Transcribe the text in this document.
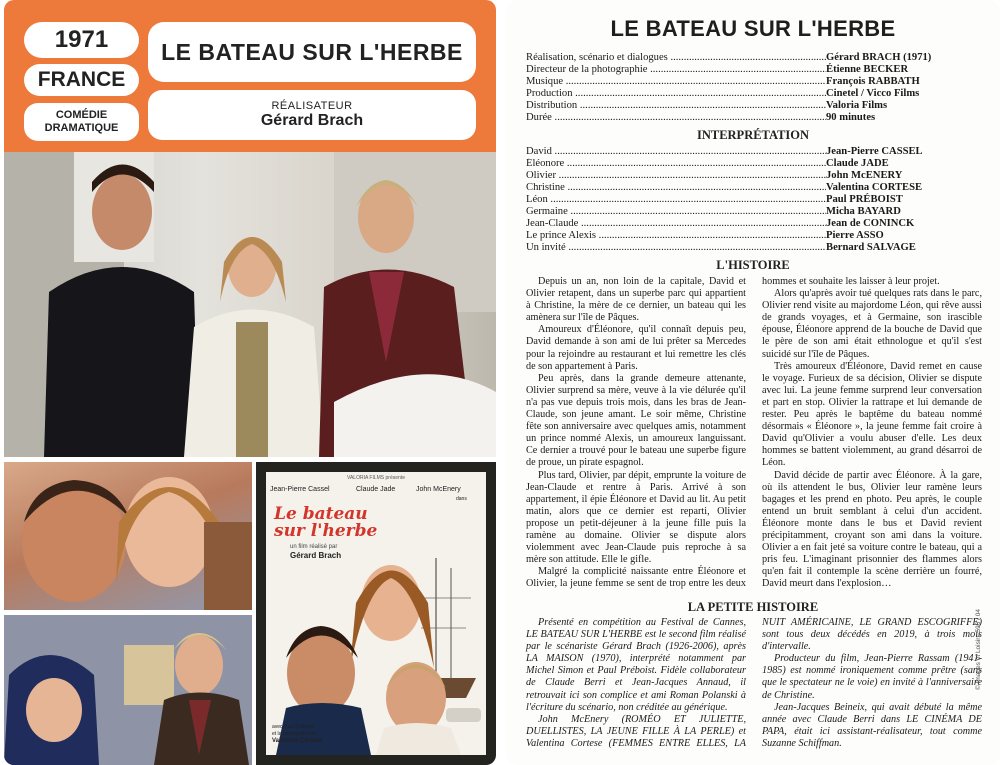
1971
FRANCE
COMÉDIE
DRAMATIQUE
LE BATEAU SUR L'HERBE
RÉALISATEUR
Gérard Brach
VALORIA FILMS présente
Jean-Pierre Cassel	Claude Jade	John McEnery
dans
Le bateau
sur l'herbe
un film réalisé par
Gérard Brach
avec Paul Préboist
et la participation de
Valentina Cortese
LE BATEAU SUR L'HERBE
Réalisation, scénario et dialogues .....	Gérard BRACH (1971)
Directeur de la photographie .....	Étienne BECKER
Musique .....	François RABBATH
Production .....	Cinetel / Vicco Films
Distribution .....	Valoria Films
Durée .....	90 minutes
INTERPRÉTATION
David .....	Jean-Pierre CASSEL
Éléonore .....	Claude JADE
Olivier .....	John McENERY
Christine .....	Valentina CORTESE
Léon .....	Paul PRÉBOIST
Germaine .....	Micha BAYARD
Jean-Claude .....	Jean de CONINCK
Le prince Alexis .....	Pierre ASSO
Un invité .....	Bernard SALVAGE
L'HISTOIRE

Depuis un an, non loin de la capitale, David et Olivier retapent, dans un superbe parc qui appartient à Christine, la mère de ce dernier, un bateau qui les amènera sur l'île de Pâques.

Amoureux d'Éléonore, qu'il connaît depuis peu, David demande à son ami de lui prêter sa Mercedes pour la rejoindre au restaurant et lui remettre les clés de son appartement à Paris.

Peu après, dans la grande demeure attenante, Olivier surprend sa mère, veuve à la vie délurée qu'il n'a pas vue depuis trois mois, dans les bras de Jean-Claude, son jeune amant. Le soir même, Christine fête son anniversaire avec quelques amis, notamment un prince nommé Alexis, un amoureux languissant. Ce dernier a trouvé pour le bateau une superbe figure de proue, un pirate espagnol.

Plus tard, Olivier, par dépit, emprunte la voiture de Jean-Claude et rentre à Paris. Arrivé à son appartement, il épie Éléonore et David au lit. Au petit matin, alors que ce dernier est reparti, Olivier propose un petit-déjeuner à la jeune fille puis la ramène au domaine. Olivier se dispute alors violemment avec Jean-Claude puis reproche à sa mère son attitude. Elle le gifle.

Malgré la complicité naissante entre Éléonore et Olivier, la jeune femme se sent de trop entre les deux hommes et souhaite les laisser à leur projet.

Alors qu'après avoir tué quelques rats dans le parc, Olivier rend visite au majordome Léon, qui rêve aussi de grands voyages, et à Germaine, son irascible épouse, Éléonore apprend de la bouche de David que le père de son ami était ethnologue et qu'il s'est suicidé sur l'île de Pâques.

Très amoureux d'Éléonore, David remet en cause le voyage. Furieux de sa décision, Olivier se dispute avec lui. La jeune femme surprend leur conversation et part en stop. Olivier la rattrape et lui demande de rester. Peu après le baptême du bateau nommé désormais « Éléonore », la jeune femme fait croire à David qu'Olivier a voulu abuser d'elle. Les deux hommes se battent violemment, au grand désarroi de Léon.

David décide de partir avec Éléonore. À la gare, où ils attendent le bus, Olivier leur ramène leurs bagages et les prend en photo. Peu après, le couple entend un bruit semblant à celui d'un accident. Éléonore monte dans le bus et David revient précipitamment, croyant son ami dans la voiture. Olivier a en fait jeté sa voiture contre le bateau, qui a pris feu. L'imaginant prisonnier des flammes alors qu'en fait il contemple la scène derrière un fourré, David meurt dans l'explosion…

LA PETITE HISTOIRE

Présenté en compétition au Festival de Cannes, LE BATEAU SUR L'HERBE est le second film réalisé par le scénariste Gérard Brach (1926-2006), après LA MAISON (1970), interprété notamment par Michel Simon et Paul Préboist. Fidèle collaborateur de Claude Berri et Jean-Jacques Annaud, il retrouvait ici son complice et ami Roman Polanski à l'écriture du scénario, non créditée au générique.

John McEnery (ROMÉO ET JULIETTE, DUELLISTES, LA JEUNE FILLE À LA PERLE) et Valentina Cortese (FEMMES ENTRE ELLES, LA NUIT AMÉRICAINE, LE GRAND ESCOGRIFFE) sont tous deux décédés en 2019, à trois mois d'intervalle.

Producteur du film, Jean-Pierre Rassam (1941-1985) est nommé ironiquement comme prêtre (sans que le spectateur ne le voie) en invité à l'anniversaire de Christine.

Jean-Jacques Beineix, qui avait débuté la même année avec Claude Berri dans LE CINÉMA DE PAPA, était ici assistant-réalisateur, tout comme Suzanne Schiffman.

© Images et Loisirs 596 / 04
